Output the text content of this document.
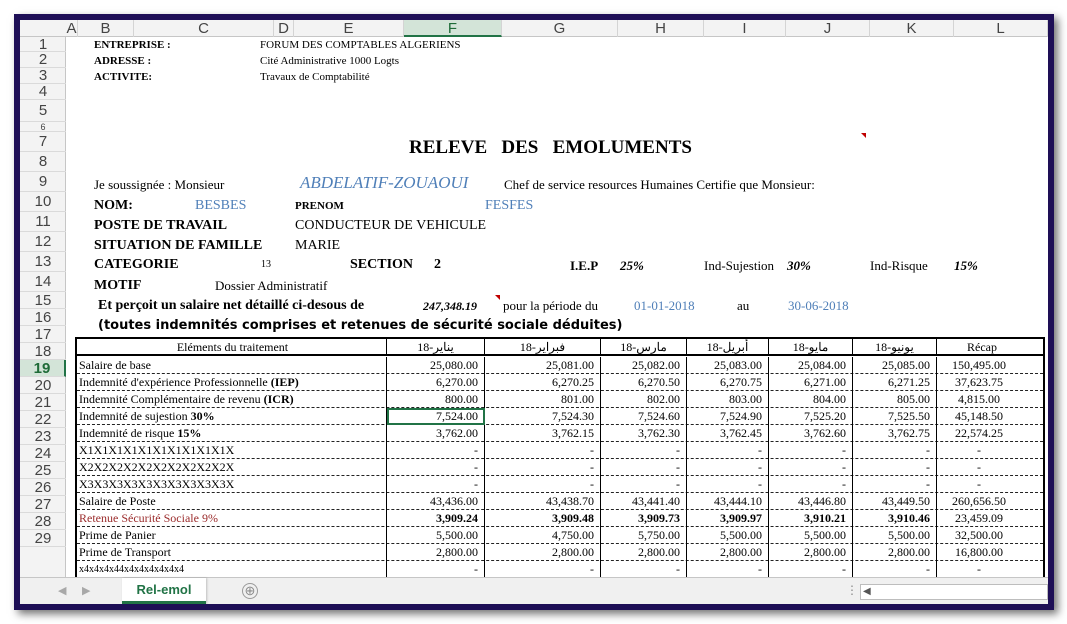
A	B	C	D	E	F	G	H	I	J	K	L
1
2
3
4
5
6
7
8
9
10
11
12
13
14
15
16
17
18
19
20
21
22
23
24
25
26
27
28
29
ENTREPRISE :	FORUM DES COMPTABLES ALGERIENS
ADRESSE :	Cité Administrative 1000 Logts
ACTIVITE:	Travaux de Comptabilité
RELEVE   DES   EMOLUMENTS
Je soussignée : Monsieur	ABDELATIF-ZOUAOUI	Chef de service resources Humaines Certifie que Monsieur:
NOM:	BESBES	PRENOM	FESFES
POSTE DE TRAVAIL	CONDUCTEUR DE VEHICULE
SITUATION DE FAMILLE MARIE
CATEGORIE	13	SECTION 2	I.E.P 25%	Ind-Sujestion 30%	Ind-Risque 15%
MOTIF	Dossier Administratif
Et perçoit un salaire net détaillé ci-desous de	247,348.19 pour la période du	01-01-2018	au	30-06-2018
(toutes indemnités comprises et retenues de sécurité sociale déduites)
Eléments du traitement	يناير-18	فبراير-18	مارس-18	أبريل-18	مايو-18	يونيو-18	Récap
Salaire de base	25,080.00	25,081.00	25,082.00	25,083.00	25,084.00	25,085.00	150,495.00
Indemnité d'expérience Professionnelle (IEP)	6,270.00	6,270.25	6,270.50	6,270.75	6,271.00	6,271.25	37,623.75
Indemnité Complémentaire de revenu (ICR)	800.00	801.00	802.00	803.00	804.00	805.00	4,815.00
Indemnité de sujestion 30%	7,524.00	7,524.30	7,524.60	7,524.90	7,525.20	7,525.50	45,148.50
Indemnité de risque 15%	3,762.00	3,762.15	3,762.30	3,762.45	3,762.60	3,762.75	22,574.25
X1X1X1X1X1X1X1X1X1X1X	-	-	-	-	-	-	-
X2X2X2X2X2X2X2X2X2X2X	-	-	-	-	-	-	-
X3X3X3X3X3X3X3X3X3X3X	-	-	-	-	-	-	-
Salaire de Poste	43,436.00	43,438.70	43,441.40	43,444.10	43,446.80	43,449.50	260,656.50
Retenue Sécurité Sociale 9%	3,909.24	3,909.48	3,909.73	3,909.97	3,910.21	3,910.46	23,459.09
Prime de Panier	5,500.00	4,750.00	5,750.00	5,500.00	5,500.00	5,500.00	32,500.00
Prime de Transport	2,800.00	2,800.00	2,800.00	2,800.00	2,800.00	2,800.00	16,800.00
x4x4x4x44x4x4x4x4x4x4	-	-	-	-	-	-	-
◀ ▶	Rel-emol	⊕	⋮ ◀
